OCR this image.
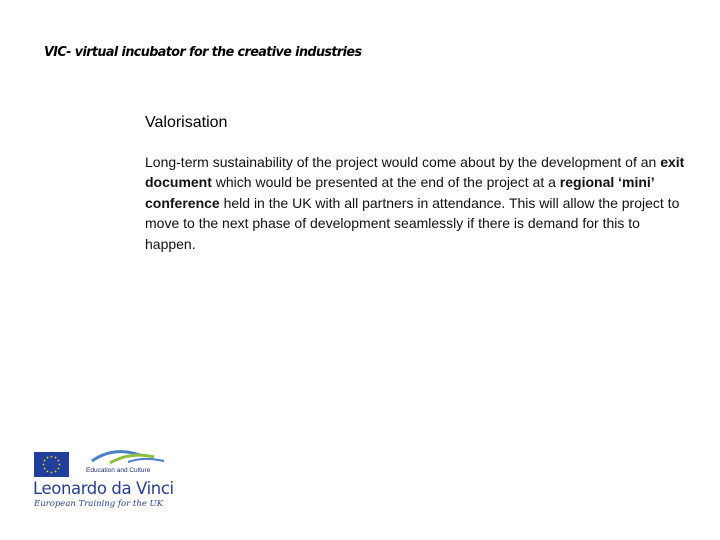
VIC- virtual incubator for the creative industries
Valorisation

Long-term sustainability of the project would come about by the development of an exit document which would be presented at the end of the project at a regional ‘mini’ conference held in the UK with all partners in attendance. This will allow the project to move to the next phase of development seamlessly if there is demand for this to happen.

Education and Culture
Leonardo da Vinci
European Training for the UK
